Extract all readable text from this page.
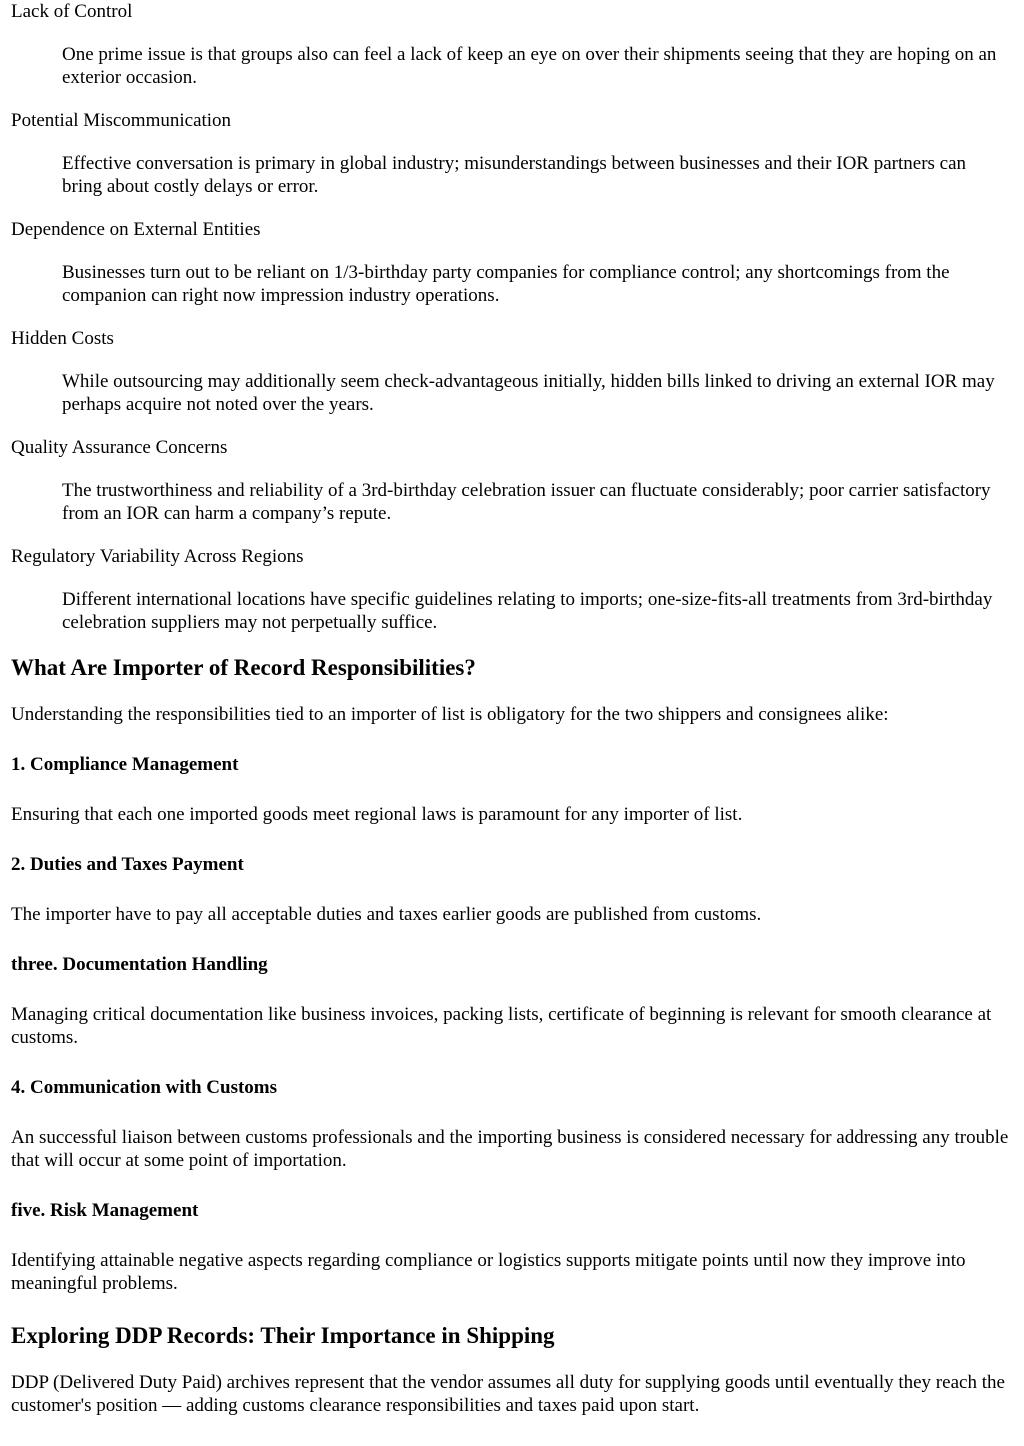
Lack of Control
One prime issue is that groups also can feel a lack of keep an eye on over their shipments seeing that they are hoping on an exterior occasion.
Potential Miscommunication
Effective conversation is primary in global industry; misunderstandings between businesses and their IOR partners can bring about costly delays or error.
Dependence on External Entities
Businesses turn out to be reliant on 1/3-birthday party companies for compliance control; any shortcomings from the companion can right now impression industry operations.
Hidden Costs
While outsourcing may additionally seem check-advantageous initially, hidden bills linked to driving an external IOR may perhaps acquire not noted over the years.
Quality Assurance Concerns
The trustworthiness and reliability of a 3rd-birthday celebration issuer can fluctuate considerably; poor carrier satisfactory from an IOR can harm a company’s repute.
Regulatory Variability Across Regions
Different international locations have specific guidelines relating to imports; one-size-fits-all treatments from 3rd-birthday celebration suppliers may not perpetually suffice.
What Are Importer of Record Responsibilities?

Understanding the responsibilities tied to an importer of list is obligatory for the two shippers and consignees alike:

1. Compliance Management

Ensuring that each one imported goods meet regional laws is paramount for any importer of list.

2. Duties and Taxes Payment

The importer have to pay all acceptable duties and taxes earlier goods are published from customs.

three. Documentation Handling

Managing critical documentation like business invoices, packing lists, certificate of beginning is relevant for smooth clearance at customs.

4. Communication with Customs

An successful liaison between customs professionals and the importing business is considered necessary for addressing any trouble that will occur at some point of importation.

five. Risk Management

Identifying attainable negative aspects regarding compliance or logistics supports mitigate points until now they improve into meaningful problems.

Exploring DDP Records: Their Importance in Shipping

DDP (Delivered Duty Paid) archives represent that the vendor assumes all duty for supplying goods until eventually they reach the customer's position — adding customs clearance responsibilities and taxes paid upon start.
